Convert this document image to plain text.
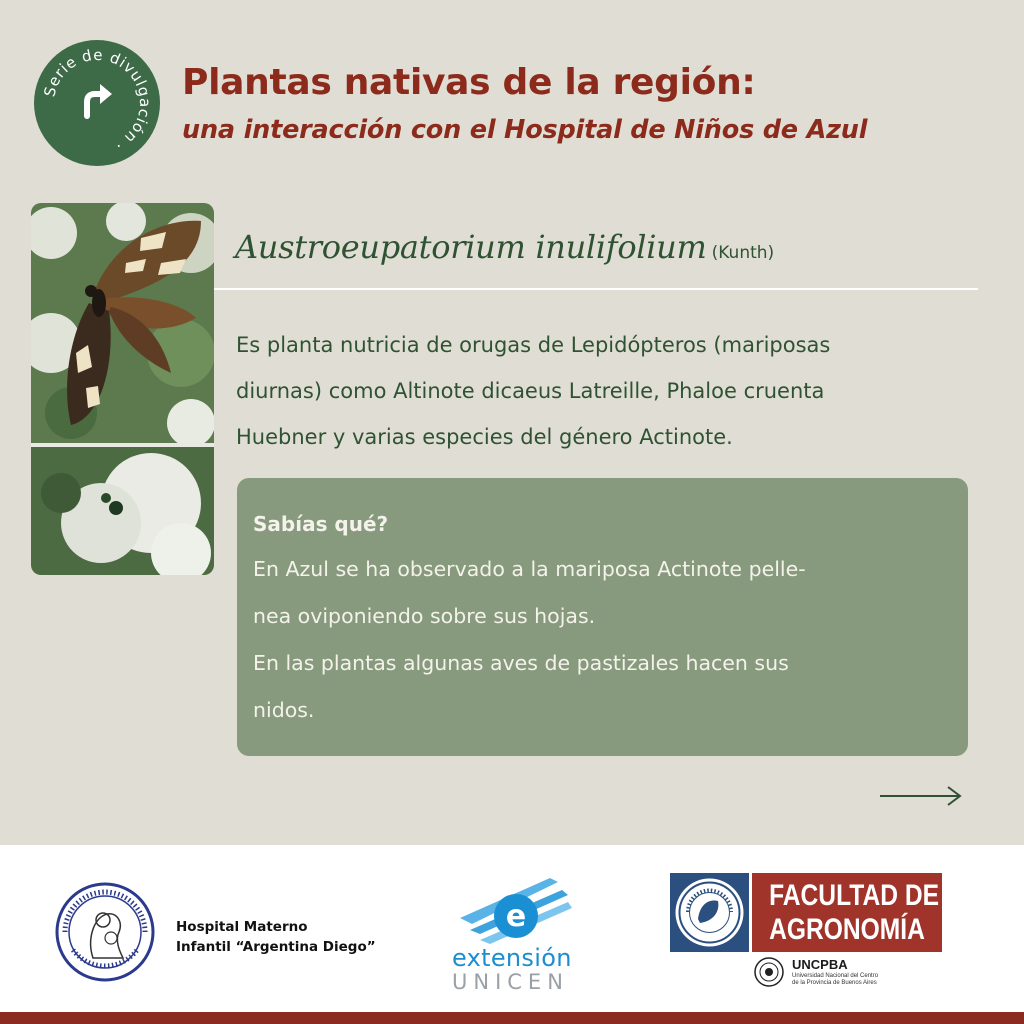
Serie de divulgación ·
Plantas nativas de la región:
una interacción con el Hospital de Niños de Azul
Austroeupatorium inulifolium (Kunth)
Es planta nutricia de orugas de Lepidópteros (mariposas
diurnas) como Altinote dicaeus Latreille, Phaloe cruenta
Huebner y varias especies del género Actinote.
Sabías qué?
En Azul se ha observado a la mariposa Actinote pelle-
nea oviponiendo sobre sus hojas.
En las plantas algunas aves de pastizales hacen sus
nidos.
Hospital Materno
Infantil “Argentina Diego”
e
extensión
UNICEN
FACULTAD DE
AGRONOMÍA
UNCPBA
Universidad Nacional del Centro
de la Provincia de Buenos Aires
